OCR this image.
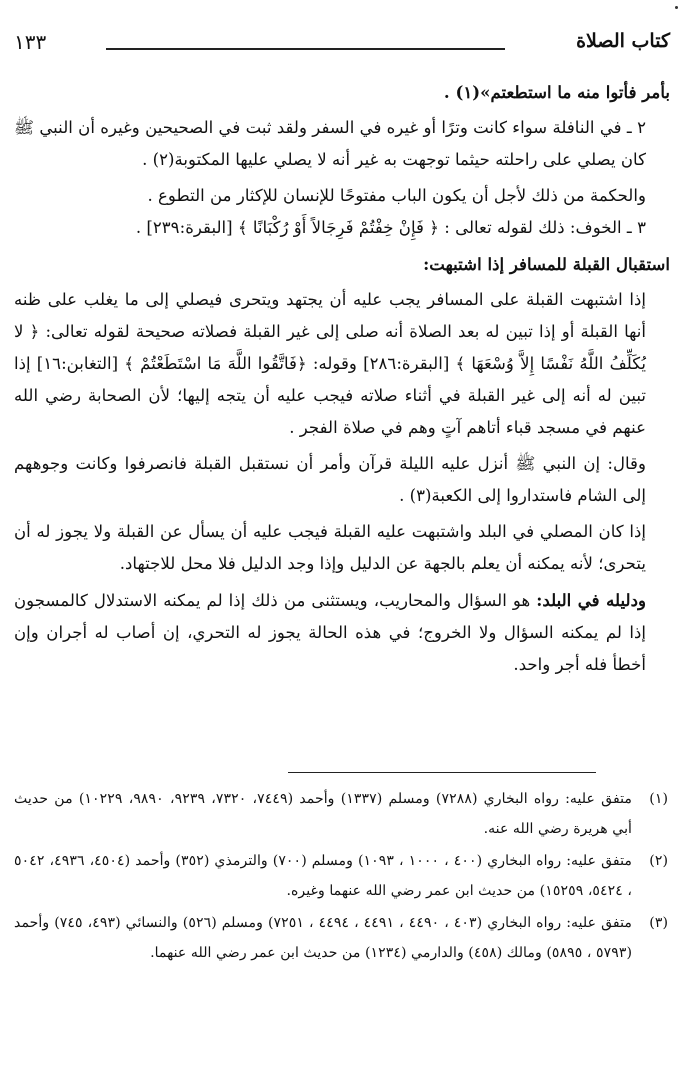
كتاب الصلاة
١٣٣

بأمر فأتوا منه ما استطعتم»(١) .

٢ ـ في النافلة سواء كانت وترًا أو غيره في السفر ولقد ثبت في الصحيحين وغيره أن النبي ﷺ كان يصلي على راحلته حيثما توجهت به غير أنه لا يصلي عليها المكتوبة(٢) .

والحكمة من ذلك لأجل أن يكون الباب مفتوحًا للإنسان للإكثار من التطوع .

٣ ـ الخوف: ذلك لقوله تعالى : ﴿ فَإِنْ خِفْتُمْ فَرِجَالاً أَوْ رُكْبَانًا ﴾ [البقرة:٢٣٩] .

استقبال القبلة للمسافر إذا اشتبهت:

إذا اشتبهت القبلة على المسافر يجب عليه أن يجتهد ويتحرى فيصلي إلى ما يغلب على ظنه أنها القبلة أو إذا تبين له بعد الصلاة أنه صلى إلى غير القبلة فصلاته صحيحة لقوله تعالى: ﴿ لا يُكَلِّفُ اللَّهُ نَفْسًا إِلاَّ وُسْعَهَا ﴾ [البقرة:٢٨٦] وقوله: ﴿فَاتَّقُوا اللَّهَ مَا اسْتَطَعْتُمْ ﴾ [التغابن:١٦] إذا تبين له أنه إلى غير القبلة في أثناء صلاته فيجب عليه أن يتجه إليها؛ لأن الصحابة رضي الله عنهم في مسجد قباء أتاهم آتٍ وهم في صلاة الفجر .

وقال: إن النبي ﷺ أنزل عليه الليلة قرآن وأمر أن نستقبل القبلة فانصرفوا وكانت وجوههم إلى الشام فاستداروا إلى الكعبة(٣) .

إذا كان المصلي في البلد واشتبهت عليه القبلة فيجب عليه أن يسأل عن القبلة ولا يجوز له أن يتحرى؛ لأنه يمكنه أن يعلم بالجهة عن الدليل وإذا وجد الدليل فلا محل للاجتهاد.

ودليله في البلد: هو السؤال والمحاريب، ويستثنى من ذلك إذا لم يمكنه الاستدلال كالمسجون إذا لم يمكنه السؤال ولا الخروج؛ في هذه الحالة يجوز له التحري، إن أصاب له أجران وإن أخطأ فله أجر واحد.

(١)
متفق عليه: رواه البخاري (٧٢٨٨) ومسلم (١٣٣٧) وأحمد (٧٤٤٩، ٧٣٢٠، ٩٢٣٩، ٩٨٩٠، ١٠٢٢٩) من حديث أبي هريرة رضي الله عنه.
(٢)
متفق عليه: رواه البخاري (٤٠٠ ، ١٠٠٠ ، ١٠٩٣) ومسلم (٧٠٠) والترمذي (٣٥٢) وأحمد (٤٥٠٤، ٤٩٣٦، ٥٠٤٢ ، ٥٤٢٤، ١٥٢٥٩) من حديث ابن عمر رضي الله عنهما وغيره.
(٣)
متفق عليه: رواه البخاري (٤٠٣ ، ٤٤٩٠ ، ٤٤٩١ ، ٤٤٩٤ ، ٧٢٥١) ومسلم (٥٢٦) والنسائي (٤٩٣، ٧٤٥) وأحمد (٥٧٩٣ ، ٥٨٩٥) ومالك (٤٥٨) والدارمي (١٢٣٤) من حديث ابن عمر رضي الله عنهما.
